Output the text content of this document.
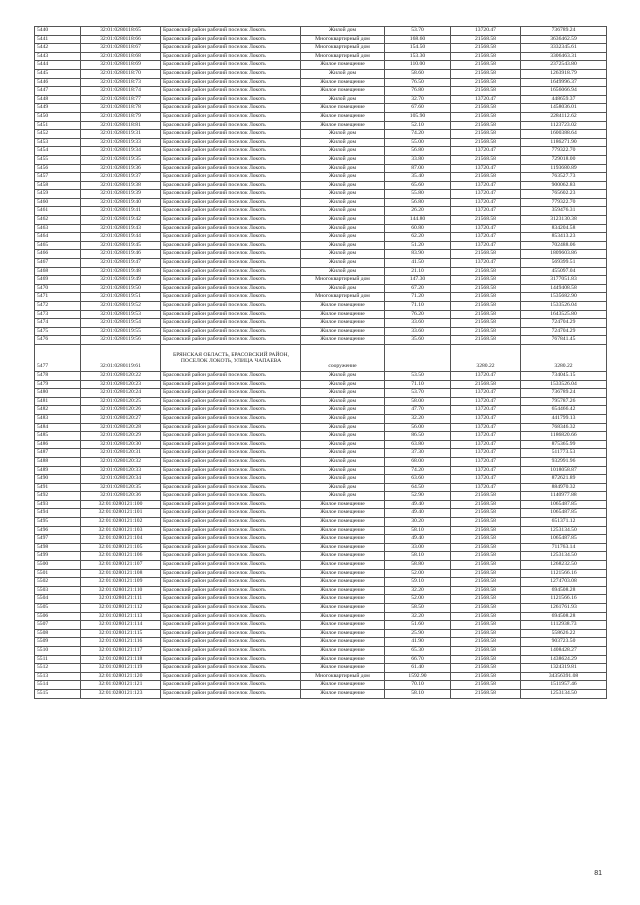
5440	32:01:0280118:65	Брасовский район рабочий поселок Локоть	Жилой дом	53.70	13720.47	736789.24
5441	32:01:0280118:66	Брасовский район рабочий поселок Локоть	Многоквартирный дом	168.60	21568.58	3636462.59
5442	32:01:0280118:67	Брасовский район рабочий поселок Локоть	Многоквартирный дом	154.50	21568.58	3332345.61
5443	32:01:0280118:68	Брасовский район рабочий поселок Локоть	Многоквартирный дом	153.30	21568.58	3306463.31
5444	32:01:0280118:69	Брасовский район рабочий поселок Локоть	Жилое помещение	110.00	21568.58	2372543.80
5445	32:01:0280118:70	Брасовский район рабочий поселок Локоть	Жилой дом	58.60	21568.58	1263918.79
5446	32:01:0280118:73	Брасовский район рабочий поселок Локоть	Жилое помещение	76.50	21568.58	1649996.37
5447	32:01:0280118:74	Брасовский район рабочий поселок Локоть	Жилое помещение	76.80	21568.58	1656066.94
5448	32:01:0280118:77	Брасовский район рабочий поселок Локоть	Жилой дом	32.70	13720.47	448659.37
5449	32:01:0280118:78	Брасовский район рабочий поселок Локоть	Жилое помещение	67.60	21568.58	1458036.01
5450	32:01:0280118:79	Брасовский район рабочий поселок Локоть	Жилое помещение	105.90	21568.58	2284112.62
5451	32:01:0280118:81	Брасовский район рабочий поселок Локоть	Жилое помещение	52.10	21568.58	1123723.02
5452	32:01:0280119:31	Брасовский район рабочий поселок Локоть	Жилой дом	74.20	21568.58	1600388.64
5453	32:01:0280119:33	Брасовский район рабочий поселок Локоть	Жилой дом	55.00	21568.58	1186271.90
5454	32:01:0280119:34	Брасовский район рабочий поселок Локоть	Жилой дом	56.80	13720.47	779322.70
5455	32:01:0280119:35	Брасовский район рабочий поселок Локоть	Жилой дом	33.80	21568.58	729018.00
5456	32:01:0280119:36	Брасовский район рабочий поселок Локоть	Жилой дом	87.00	13720.47	1193680.89
5457	32:01:0280119:37	Брасовский район рабочий поселок Локоть	Жилой дом	35.40	21568.58	763527.73
5458	32:01:0280119:38	Брасовский район рабочий поселок Локоть	Жилой дом	65.60	13720.47	900062.83
5459	32:01:0280119:39	Брасовский район рабочий поселок Локоть	Жилой дом	55.80	13720.47	765602.23
5460	32:01:0280119:40	Брасовский район рабочий поселок Локоть	Жилой дом	56.80	13720.47	779322.70
5461	32:01:0280119:41	Брасовский район рабочий поселок Локоть	Жилой дом	26.20	13720.47	359476.31
5462	32:01:0280119:42	Брасовский район рабочий поселок Локоть	Жилой дом	144.80	21568.58	3123130.38
5463	32:01:0280119:43	Брасовский район рабочий поселок Локоть	Жилой дом	60.80	13720.47	834204.58
5464	32:01:0280119:44	Брасовский район рабочий поселок Локоть	Жилой дом	62.20	13720.47	853413.23
5465	32:01:0280119:45	Брасовский район рабочий поселок Локоть	Жилой дом	51.20	13720.47	702488.06
5466	32:01:0280119:46	Брасовский район рабочий поселок Локоть	Жилой дом	83.90	21568.58	1809603.86
5467	32:01:0280119:47	Брасовский район рабочий поселок Локоть	Жилой дом	41.50	13720.47	569399.51
5468	32:01:0280119:48	Брасовский район рабочий поселок Локоть	Жилой дом	21.10	21568.58	455097.04
5469	32:01:0280119:49	Брасовский район рабочий поселок Локоть	Многоквартирный дом	147.30	21568.58	3177051.83
5470	32:01:0280119:50	Брасовский район рабочий поселок Локоть	Жилой дом	67.20	21568.58	1449408.58
5471	32:01:0280119:51	Брасовский район рабочий поселок Локоть	Многоквартирный дом	71.20	21568.58	1535682.90
5472	32:01:0280119:52	Брасовский район рабочий поселок Локоть	Жилое помещение	71.10	21568.58	1533526.04
5473	32:01:0280119:53	Брасовский район рабочий поселок Локоть	Жилое помещение	76.20	21568.58	1643525.80
5474	32:01:0280119:54	Брасовский район рабочий поселок Локоть	Жилое помещение	33.60	21568.58	724704.29
5475	32:01:0280119:55	Брасовский район рабочий поселок Локоть	Жилое помещение	33.60	21568.58	724704.29
5476	32:01:0280119:56	Брасовский район рабочий поселок Локоть	Жилое помещение	35.60	21568.58	767841.45
5477	32:01:0280119:61	БРЯНСКАЯ ОБЛАСТЬ, БРАСОВСКИЙ РАЙОН, ПОСЕЛОК ЛОКОТЬ, УЛИЦА ЧАПАЕВА	сооружение		3280.22	3280.22
5478	32:01:0280120:22	Брасовский район рабочий поселок Локоть	Жилой дом	53.50	13720.47	734045.15
5479	32:01:0280120:23	Брасовский район рабочий поселок Локоть	Жилой дом	71.10	21568.58	1533526.04
5480	32:01:0280120:24	Брасовский район рабочий поселок Локоть	Жилой дом	53.70	13720.47	736789.24
5481	32:01:0280120:25	Брасовский район рабочий поселок Локоть	Жилой дом	58.00	13720.47	795787.26
5482	32:01:0280120:26	Брасовский район рабочий поселок Локоть	Жилой дом	47.70	13720.47	654466.42
5483	32:01:0280120:27	Брасовский район рабочий поселок Локоть	Жилой дом	32.20	13720.47	441799.13
5484	32:01:0280120:28	Брасовский район рабочий поселок Локоть	Жилой дом	56.00	13720.47	768346.32
5485	32:01:0280120:29	Брасовский район рабочий поселок Локоть	Жилой дом	86.50	13720.47	1186820.66
5486	32:01:0280120:30	Брасовский район рабочий поселок Локоть	Жилой дом	63.80	13720.47	875365.99
5487	32:01:0280120:31	Брасовский район рабочий поселок Локоть	Жилой дом	37.30	13720.47	511773.53
5488	32:01:0280120:32	Брасовский район рабочий поселок Локоть	Жилой дом	68.00	13720.47	932991.96
5489	32:01:0280120:33	Брасовский район рабочий поселок Локоть	Жилой дом	74.20	13720.47	1018058.87
5490	32:01:0280120:34	Брасовский район рабочий поселок Локоть	Жилой дом	63.60	13720.47	872621.89
5491	32:01:0280120:35	Брасовский район рабочий поселок Локоть	Жилой дом	64.50	13720.47	884970.32
5492	32:01:0280120:36	Брасовский район рабочий поселок Локоть	Жилой дом	52.90	21568.58	1140977.88
5493	32:01:0280121:100	Брасовский район рабочий поселок Локоть	Жилое помещение	49.40	21568.58	1065487.85
5494	32:01:0280121:101	Брасовский район рабочий поселок Локоть	Жилое помещение	49.40	21568.58	1065487.85
5495	32:01:0280121:102	Брасовский район рабочий поселок Локоть	Жилое помещение	30.20	21568.58	651371.12
5496	32:01:0280121:103	Брасовский район рабочий поселок Локоть	Жилое помещение	58.10	21568.58	1253134.50
5497	32:01:0280121:104	Брасовский район рабочий поселок Локоть	Жилое помещение	49.40	21568.58	1065487.85
5498	32:01:0280121:105	Брасовский район рабочий поселок Локоть	Жилое помещение	33.00	21568.58	711763.14
5499	32:01:0280121:106	Брасовский район рабочий поселок Локоть	Жилое помещение	58.10	21568.58	1253134.50
5500	32:01:0280121:107	Брасовский район рабочий поселок Локоть	Жилое помещение	58.80	21568.58	1268232.50
5501	32:01:0280121:108	Брасовский район рабочий поселок Локоть	Жилое помещение	52.00	21568.58	1121566.16
5502	32:01:0280121:109	Брасовский район рабочий поселок Локоть	Жилое помещение	59.10	21568.58	1274703.08
5503	32:01:0280121:110	Брасовский район рабочий поселок Локоть	Жилое помещение	32.20	21568.58	694508.28
5504	32:01:0280121:111	Брасовский район рабочий поселок Локоть	Жилое помещение	52.00	21568.58	1121566.16
5505	32:01:0280121:112	Брасовский район рабочий поселок Локоть	Жилое помещение	58.50	21568.58	1261761.93
5506	32:01:0280121:113	Брасовский район рабочий поселок Локоть	Жилое помещение	32.20	21568.58	694508.28
5507	32:01:0280121:114	Брасовский район рабочий поселок Локоть	Жилое помещение	51.60	21568.58	1112938.73
5508	32:01:0280121:115	Брасовский район рабочий поселок Локоть	Жилое помещение	25.90	21568.58	558626.22
5509	32:01:0280121:116	Брасовский район рабочий поселок Локоть	Жилое помещение	41.90	21568.58	903723.50
5510	32:01:0280121:117	Брасовский район рабочий поселок Локоть	Жилое помещение	65.30	21568.58	1408428.27
5511	32:01:0280121:118	Брасовский район рабочий поселок Локоть	Жилое помещение	66.70	21568.58	1438624.29
5512	32:01:0280121:119	Брасовский район рабочий поселок Локоть	Жилое помещение	61.40	21568.58	1324319.81
5513	32:01:0280121:120	Брасовский район рабочий поселок Локоть	Многоквартирный дом	1592.90	21568.58	34356391.08
5514	32:01:0280121:121	Брасовский район рабочий поселок Локоть	Жилое помещение	70.10	21568.58	1511957.46
5515	32:01:0280121:123	Брасовский район рабочий поселок Локоть	Жилое помещение	58.10	21568.58	1253134.50
81
